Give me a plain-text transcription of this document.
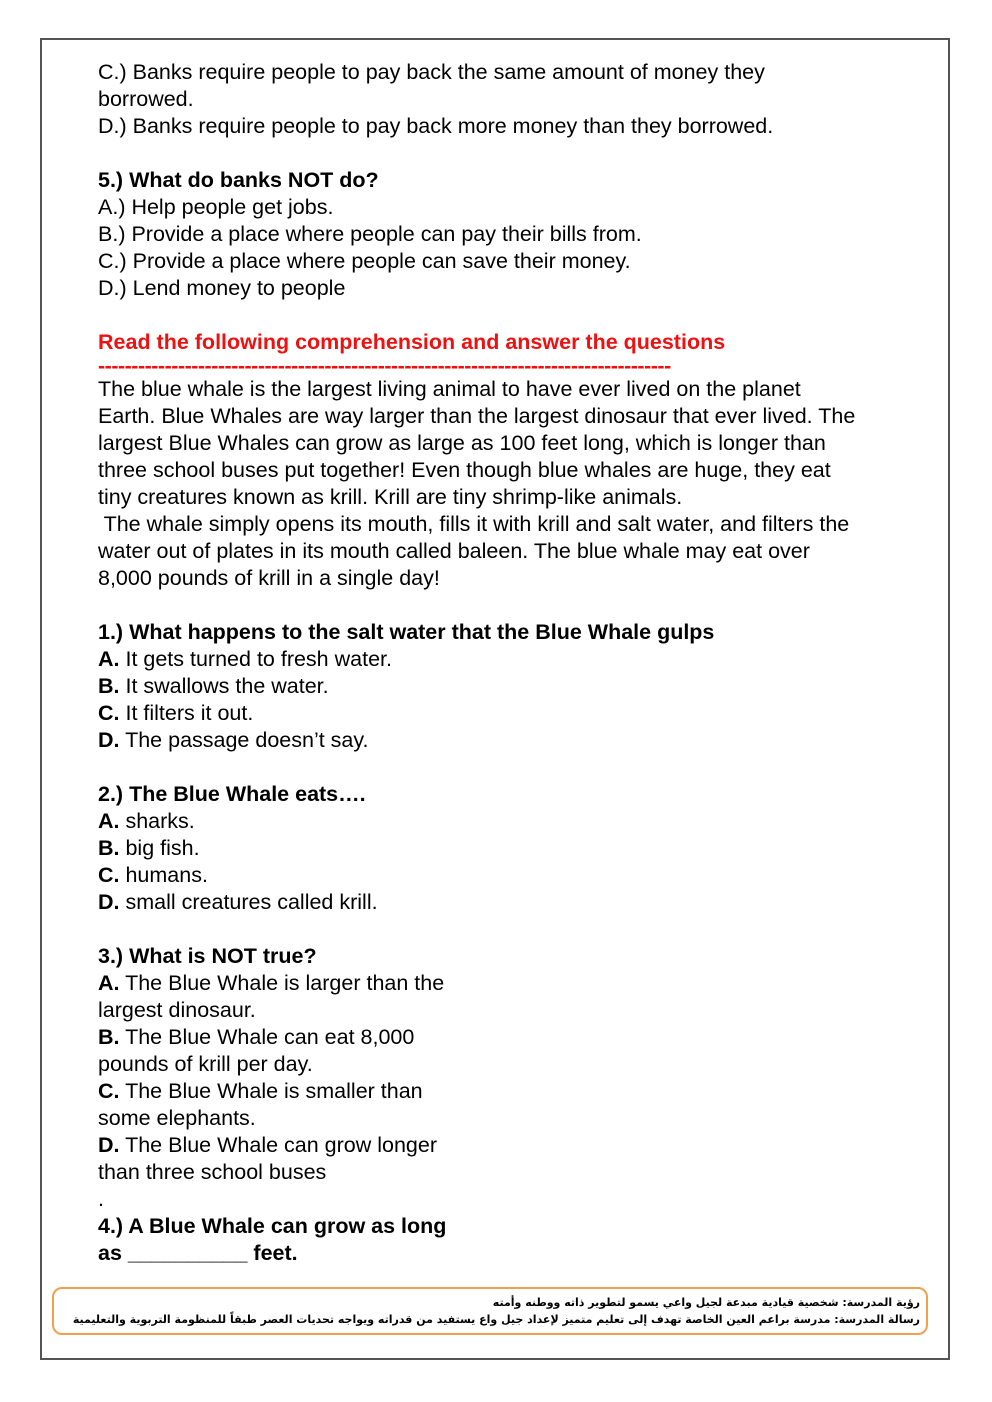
C.) Banks require people to pay back the same amount of money they
borrowed.
D.) Banks require people to pay back more money than they borrowed.
5.) What do banks NOT do?
A.) Help people get jobs.
B.) Provide a place where people can pay their bills from.
C.) Provide a place where people can save their money.
D.) Lend money to people
Read the following comprehension and answer the questions
--------------------------------------------------------------------------------------
The blue whale is the largest living animal to have ever lived on the planet
Earth. Blue Whales are way larger than the largest dinosaur that ever lived. The
largest Blue Whales can grow as large as 100 feet long, which is longer than
three school buses put together! Even though blue whales are huge, they eat
tiny creatures known as krill. Krill are tiny shrimp-like animals.
The whale simply opens its mouth, fills it with krill and salt water, and filters the
water out of plates in its mouth called baleen. The blue whale may eat over
8,000 pounds of krill in a single day!
1.) What happens to the salt water that the Blue Whale gulps
A. It gets turned to fresh water.
B. It swallows the water.
C. It filters it out.
D. The passage doesn’t say.
2.) The Blue Whale eats….
A. sharks.
B. big fish.
C. humans.
D. small creatures called krill.
3.) What is NOT true?
A. The Blue Whale is larger than the
largest dinosaur.
B. The Blue Whale can eat 8,000
pounds of krill per day.
C. The Blue Whale is smaller than
some elephants.
D. The Blue Whale can grow longer
than three school buses
.
4.) A Blue Whale can grow as long
as __________ feet.
رؤية المدرسة: شخصية قيادية مبدعة لجيل واعي يسمو لتطوير ذاته ووطنه وأمته
رسالة المدرسة: مدرسة براعم العين الخاصة تهدف إلى تعليم متميز لإعداد جيل واع يستفيد من قدراته ويواجه تحديات العصر طبقاً للمنظومة التربوية والتعليمية
